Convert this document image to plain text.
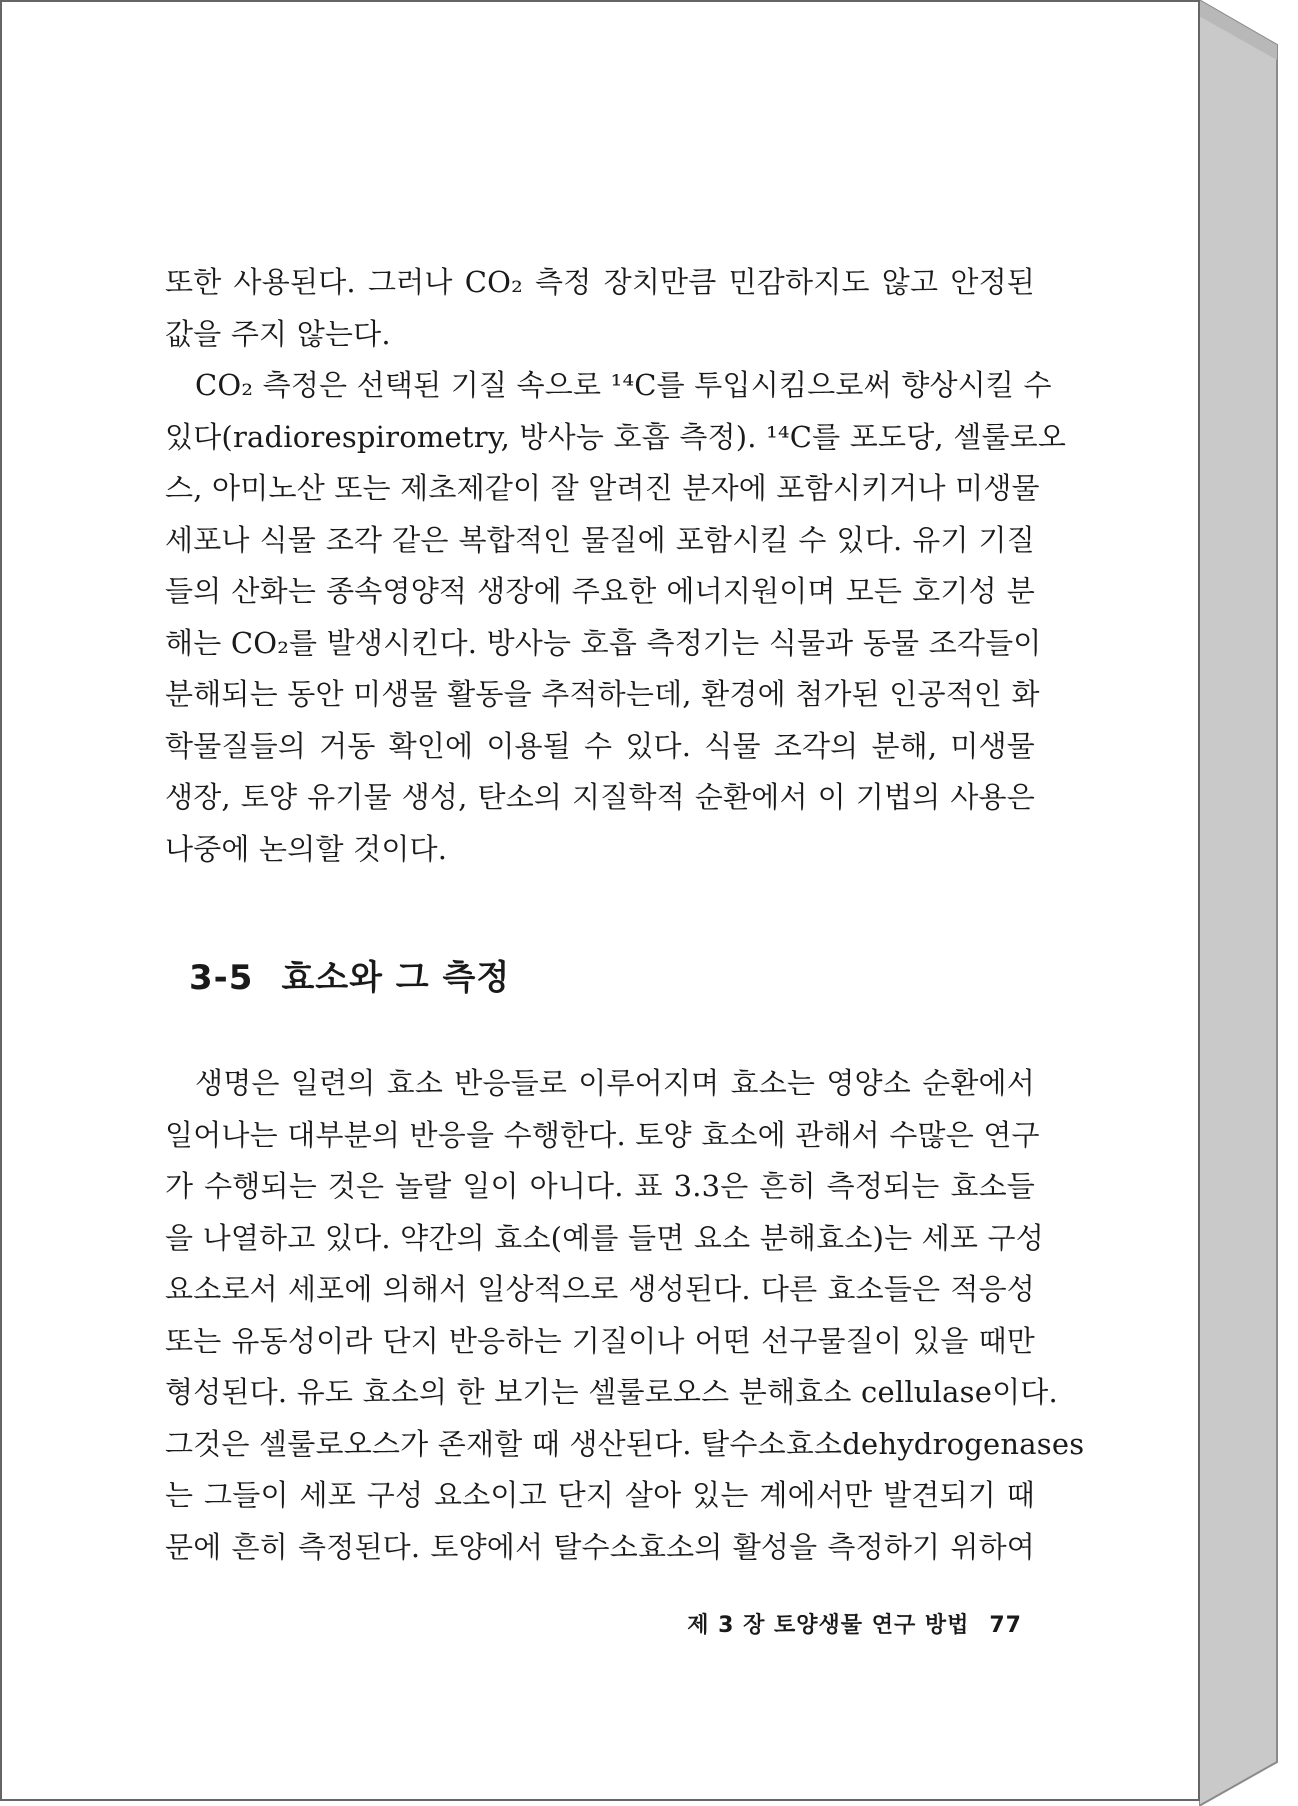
또한 사용된다. 그러나 CO₂ 측정 장치만큼 민감하지도 않고 안정된

값을 주지 않는다.

CO₂ 측정은 선택된 기질 속으로 ¹⁴C를 투입시킴으로써 향상시킬 수

있다(radiorespirometry, 방사능 호흡 측정). ¹⁴C를 포도당, 셀룰로오

스, 아미노산 또는 제초제같이 잘 알려진 분자에 포함시키거나 미생물

세포나 식물 조각 같은 복합적인 물질에 포함시킬 수 있다. 유기 기질

들의 산화는 종속영양적 생장에 주요한 에너지원이며 모든 호기성 분

해는 CO₂를 발생시킨다. 방사능 호흡 측정기는 식물과 동물 조각들이

분해되는 동안 미생물 활동을 추적하는데, 환경에 첨가된 인공적인 화

학물질들의 거동 확인에 이용될 수 있다. 식물 조각의 분해, 미생물

생장, 토양 유기물 생성, 탄소의 지질학적 순환에서 이 기법의 사용은

나중에 논의할 것이다.

3-5 효소와 그 측정

생명은 일련의 효소 반응들로 이루어지며 효소는 영양소 순환에서

일어나는 대부분의 반응을 수행한다. 토양 효소에 관해서 수많은 연구

가 수행되는 것은 놀랄 일이 아니다. 표 3.3은 흔히 측정되는 효소들

을 나열하고 있다. 약간의 효소(예를 들면 요소 분해효소)는 세포 구성

요소로서 세포에 의해서 일상적으로 생성된다. 다른 효소들은 적응성

또는 유동성이라 단지 반응하는 기질이나 어떤 선구물질이 있을 때만

형성된다. 유도 효소의 한 보기는 셀룰로오스 분해효소 cellulase이다.

그것은 셀룰로오스가 존재할 때 생산된다. 탈수소효소dehydrogenases

는 그들이 세포 구성 요소이고 단지 살아 있는 계에서만 발견되기 때

문에 흔히 측정된다. 토양에서 탈수소효소의 활성을 측정하기 위하여

제 3 장 토양생물 연구 방법 77
